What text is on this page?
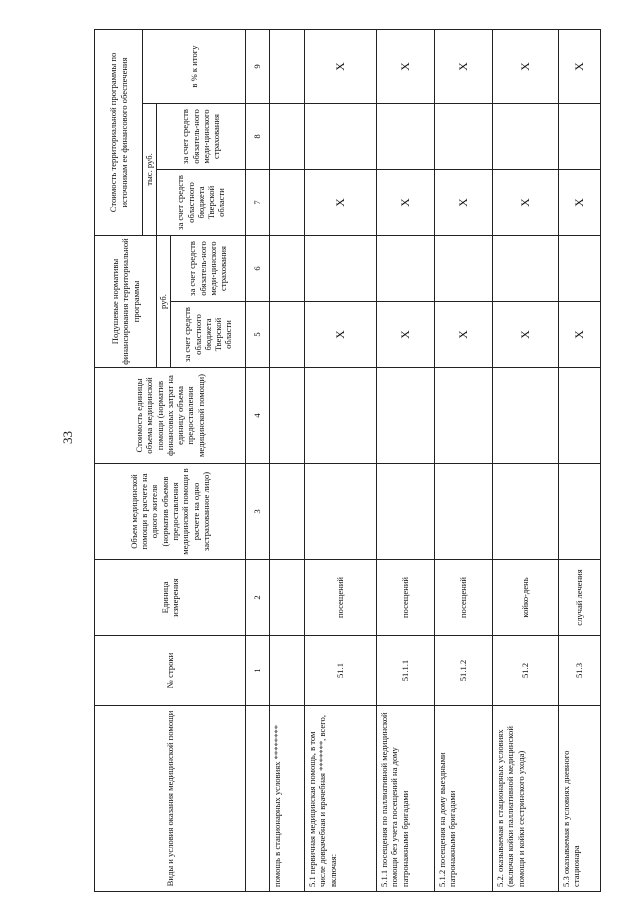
33
Виды и условия оказания медицинской помощи	№ строки	Единица измерения	Объем медицинской помощи в расчете на одного жителя (норматив объемов предоставления медицинской помощи в расчете на одно застрахованное лицо)	Стоимость единицы объема медицинской помощи (норматив финансовых затрат на единицу объема предоставления медицинской помощи)	Подушевые нормативы финансирования территориальной программы		Стоимость территориальной программы по источникам ее финансового обеспечения		
							тыс. руб.		в % к итогу
					руб.		за счет средств областного бюджета Тверской области	за счет средств обязатель-ного меди-цинского страхования	
					за счет средств областного бюджета Тверской области	за счет средств обязатель-ного меди-цинского страхования			
	1	2	3	4	5	6	7	8	9
помощь в стационарных условиях ********									
5.1 первичная медицинская помощь, в том числе доврачебная и врачебная *******, всего, включая:	51.1	посещений			Х		Х		Х
5.1.1 посещения по паллиативной медицинской помощи без учета посещений на дому патронажными бригадами	51.1.1	посещений			Х		Х		Х
5.1.2 посещения на дому выездными патронажными бригадами	51.1.2	посещений			Х		Х		Х
5.2. оказываемая в стационарных условиях (включая койки паллиативной медицинской помощи и койки сестринского ухода)	51.2	койко-день			Х		Х		Х
5.3 оказываемая в условиях дневного стационара	51.3	случай лечения			Х		Х		Х
